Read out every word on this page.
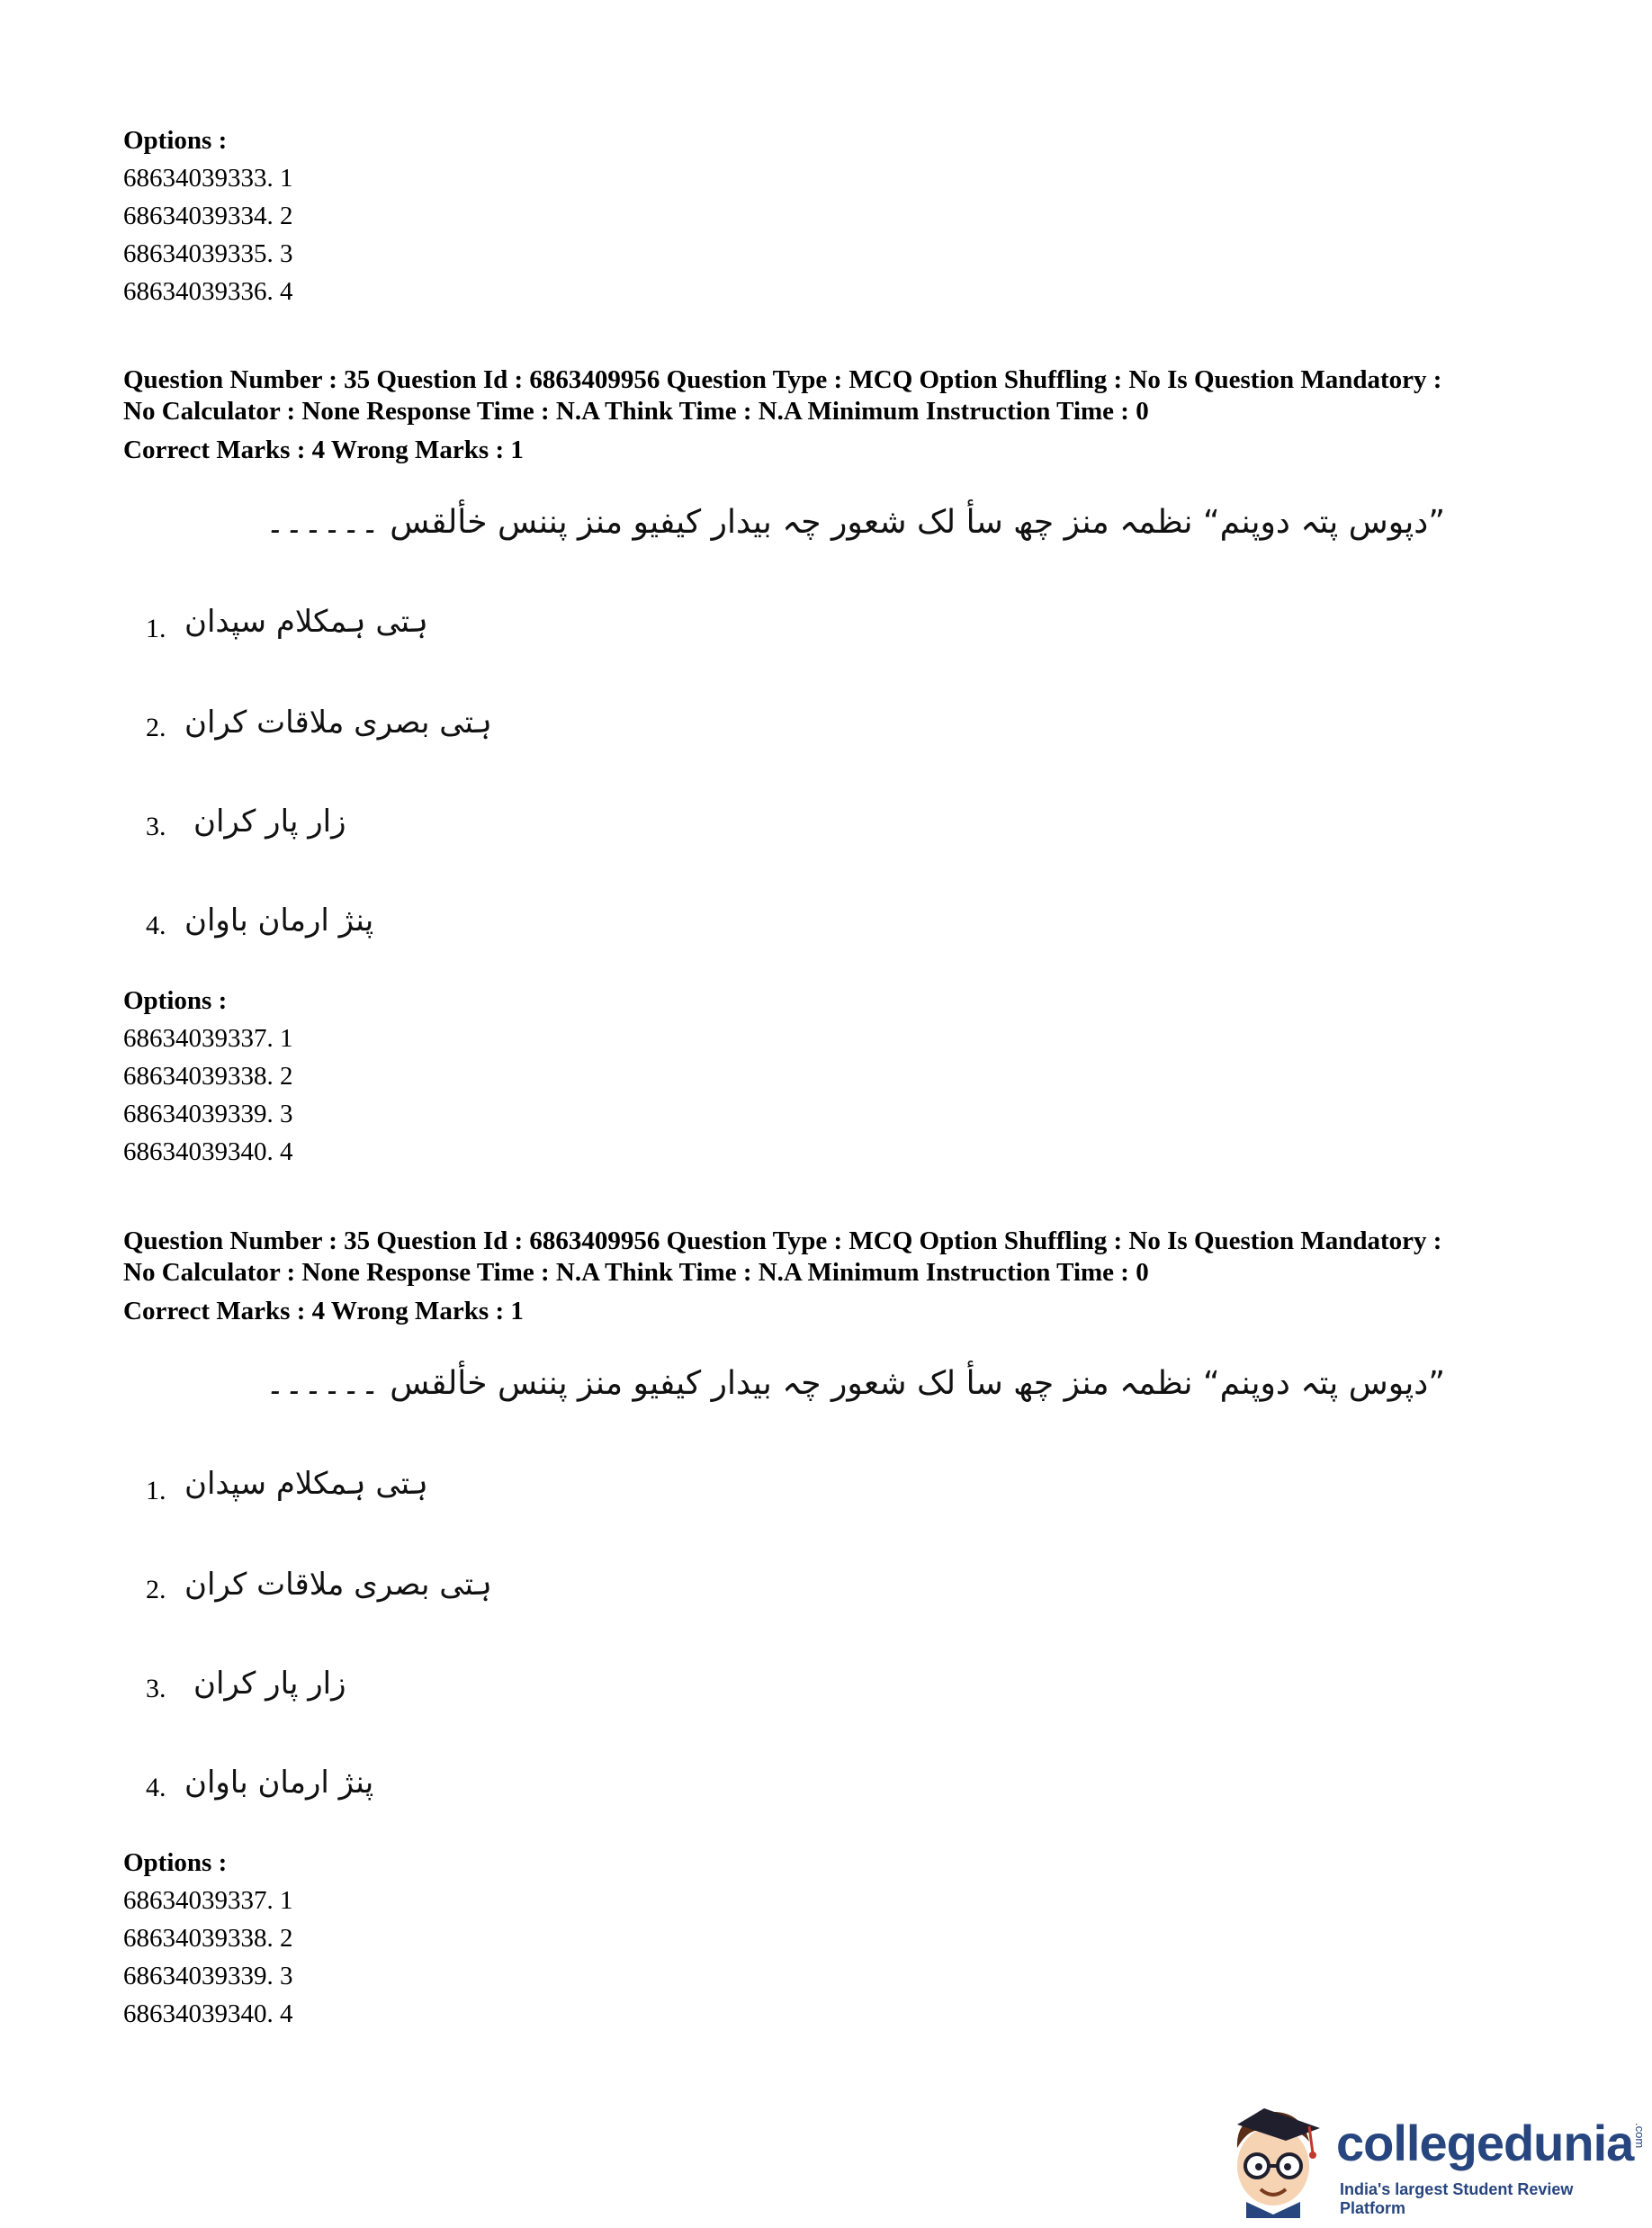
Options :
68634039333. 1
68634039334. 2
68634039335. 3
68634039336. 4
Question Number : 35 Question Id : 6863409956 Question Type : MCQ Option Shuffling : No Is Question Mandatory :
No Calculator : None Response Time : N.A Think Time : N.A Minimum Instruction Time : 0
Correct Marks : 4 Wrong Marks : 1
”دپوس پتہ دوپنم“ نظمہ منز چھ سأ لک شعور چہ بیدار کیفیو منز پننس خألقس ۔۔۔۔۔۔
1. ہتی ہمکلام سپدان
2. ہتی بصری ملاقات کران
3. زار پار کران
4. پنژ ارمان باوان
Options :
68634039337. 1
68634039338. 2
68634039339. 3
68634039340. 4
Question Number : 35 Question Id : 6863409956 Question Type : MCQ Option Shuffling : No Is Question Mandatory :
No Calculator : None Response Time : N.A Think Time : N.A Minimum Instruction Time : 0
Correct Marks : 4 Wrong Marks : 1
”دپوس پتہ دوپنم“ نظمہ منز چھ سأ لک شعور چہ بیدار کیفیو منز پننس خألقس ۔۔۔۔۔۔
1. ہتی ہمکلام سپدان
2. ہتی بصری ملاقات کران
3. زار پار کران
4. پنژ ارمان باوان
Options :
68634039337. 1
68634039338. 2
68634039339. 3
68634039340. 4
collegedunia .com
India's largest Student Review Platform
